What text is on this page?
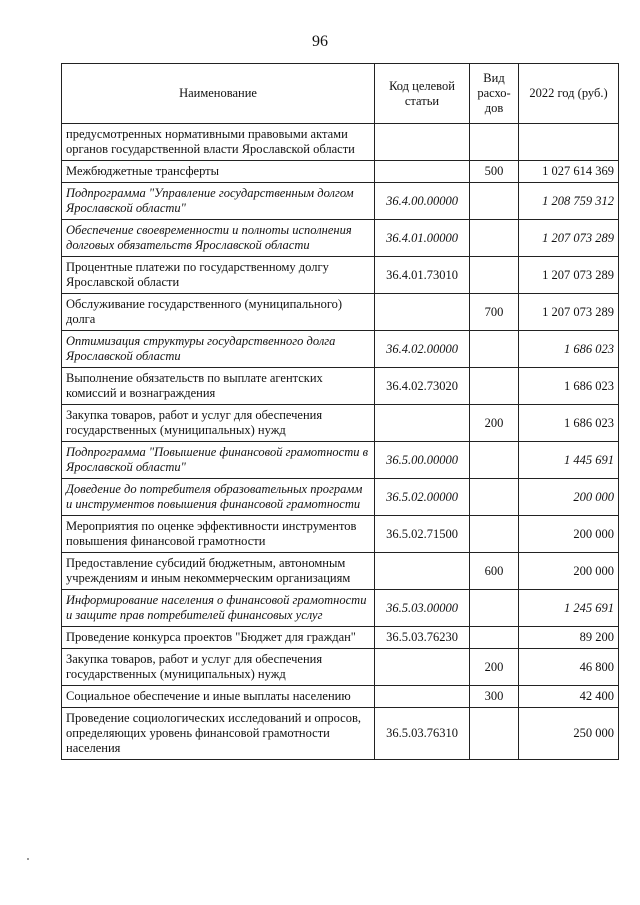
96
Наименование	Код целевой статьи	Вид расхо-дов	2022 год (руб.)
предусмотренных нормативными правовыми актами органов государственной власти Ярославской области			
Межбюджетные трансферты		500	1 027 614 369
Подпрограмма "Управление государственным долгом Ярославской области"	36.4.00.00000		1 208 759 312
Обеспечение своевременности и полноты исполнения долговых обязательств Ярославской области	36.4.01.00000		1 207 073 289
Процентные платежи по государственному долгу Ярославской области	36.4.01.73010		1 207 073 289
Обслуживание государственного (муниципального) долга		700	1 207 073 289
Оптимизация структуры государственного долга Ярославской области	36.4.02.00000		1 686 023
Выполнение обязательств по выплате агентских комиссий и вознаграждения	36.4.02.73020		1 686 023
Закупка товаров, работ и услуг для обеспечения государственных (муниципальных) нужд		200	1 686 023
Подпрограмма "Повышение финансовой грамотности в Ярославской области"	36.5.00.00000		1 445 691
Доведение до потребителя образовательных программ и инструментов повышения финансовой грамотности	36.5.02.00000		200 000
Мероприятия по оценке эффективности инструментов повышения финансовой грамотности	36.5.02.71500		200 000
Предоставление субсидий бюджетным, автономным учреждениям и иным некоммерческим организациям		600	200 000
Информирование населения о финансовой грамотности и защите прав потребителей финансовых услуг	36.5.03.00000		1 245 691
Проведение конкурса проектов "Бюджет для граждан"	36.5.03.76230		89 200
Закупка товаров, работ и услуг для обеспечения государственных (муниципальных) нужд		200	46 800
Социальное обеспечение и иные выплаты населению		300	42 400
Проведение социологических исследований и опросов, определяющих уровень финансовой грамотности населения	36.5.03.76310		250 000
